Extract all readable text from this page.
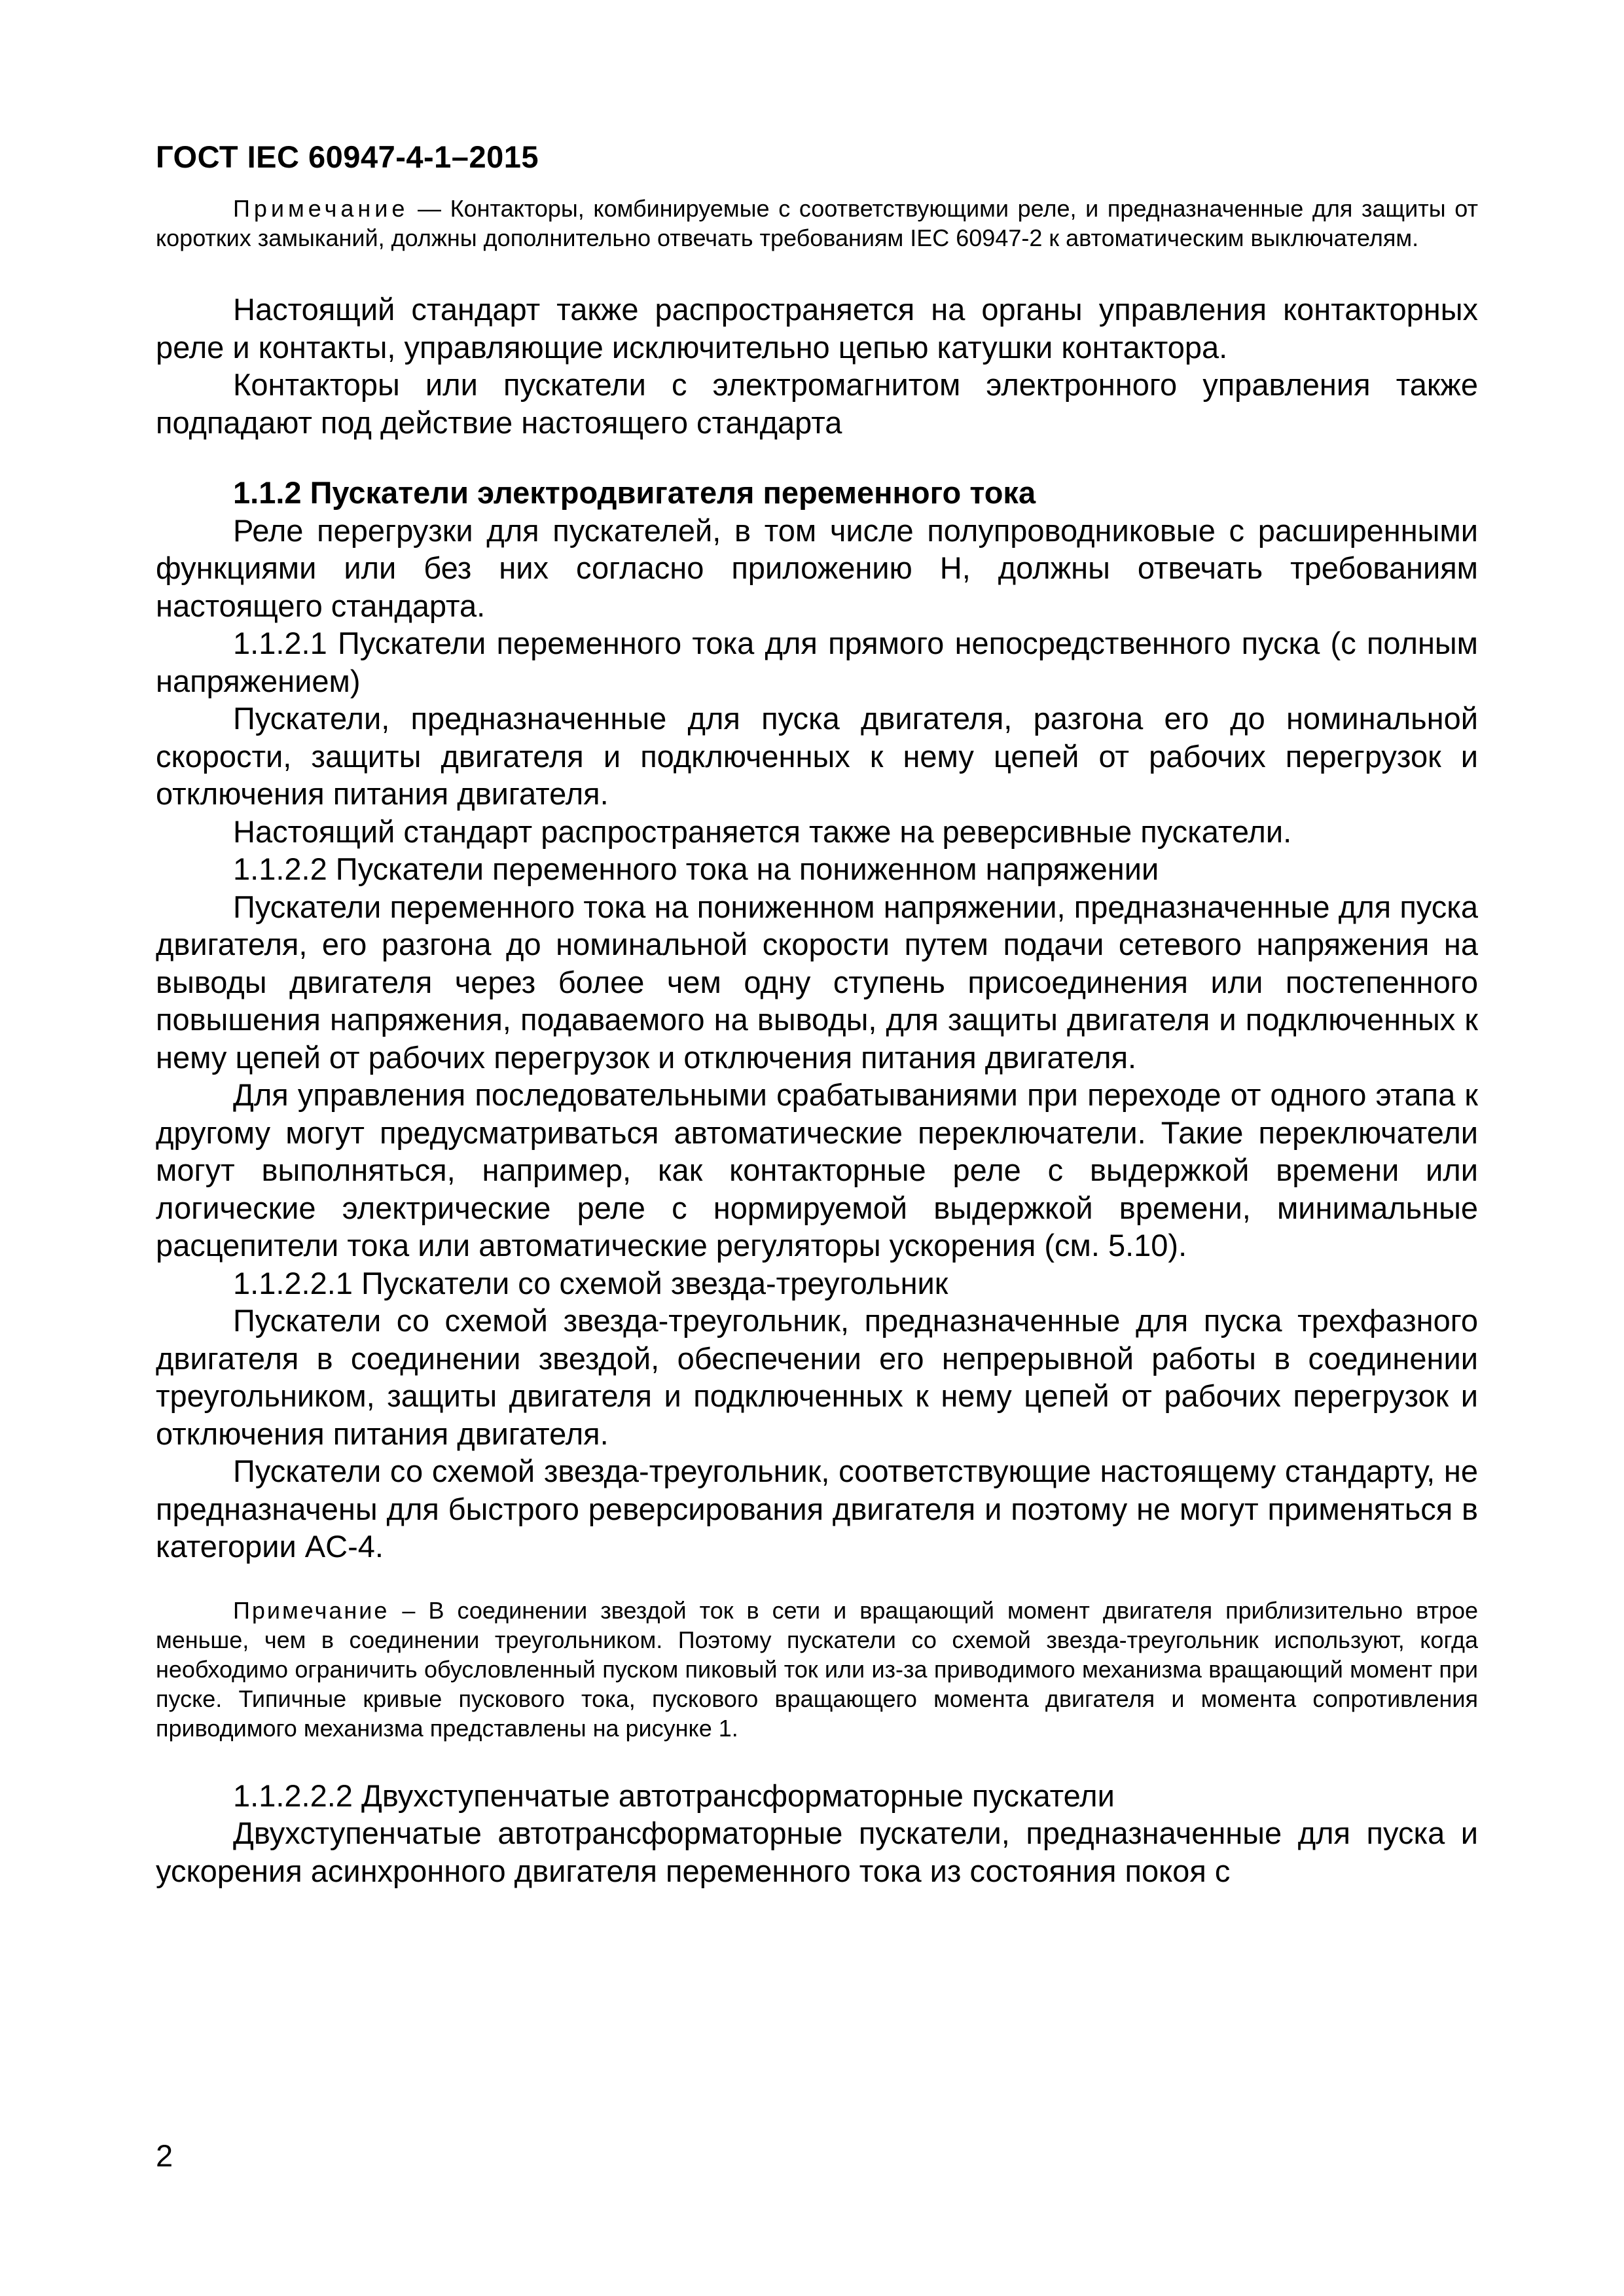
ГОСТ IEC 60947-4-1–2015

Примечание — Контакторы, комбинируемые с соответствующими реле, и предназначенные для защиты от коротких замыканий, должны дополнительно отвечать требованиям IEC 60947-2 к автоматическим выключателям.

Настоящий стандарт также распространяется на органы управления контакторных реле и контакты, управляющие исключительно цепью катушки контактора.

Контакторы или пускатели с электромагнитом электронного управления также подпадают под действие настоящего стандарта

1.1.2 Пускатели электродвигателя переменного тока

Реле перегрузки для пускателей, в том числе полупроводниковые с расширенными функциями или без них согласно приложению H, должны отвечать требованиям настоящего стандарта.

1.1.2.1 Пускатели переменного тока для прямого непосредственного пуска (с полным напряжением)

Пускатели, предназначенные для пуска двигателя, разгона его до номинальной скорости, защиты двигателя и подключенных к нему цепей от рабочих перегрузок и отключения питания двигателя.

Настоящий стандарт распространяется также на реверсивные пускатели.

1.1.2.2 Пускатели переменного тока на пониженном напряжении

Пускатели переменного тока на пониженном напряжении, предназначенные для пуска двигателя, его разгона до номинальной скорости путем подачи сетевого напряжения на выводы двигателя через более чем одну ступень присоединения или постепенного повышения напряжения, подаваемого на выводы, для защиты двигателя и подключенных к нему цепей от рабочих перегрузок и отключения питания двигателя.

Для управления последовательными срабатываниями при переходе от одного этапа к другому могут предусматриваться автоматические переключатели. Такие переключатели могут выполняться, например, как контакторные реле с выдержкой времени или логические электрические реле с нормируемой выдержкой времени, минимальные расцепители тока или автоматические регуляторы ускорения (см. 5.10).

1.1.2.2.1 Пускатели со схемой звезда-треугольник

Пускатели со схемой звезда-треугольник, предназначенные для пуска трехфазного двигателя в соединении звездой, обеспечении его непрерывной работы в соединении треугольником, защиты двигателя и подключенных к нему цепей от рабочих перегрузок и отключения питания двигателя.

Пускатели со схемой звезда-треугольник, соответствующие настоящему стандарту, не предназначены для быстрого реверсирования двигателя и поэтому не могут применяться в категории AC-4.

Примечание – В соединении звездой ток в сети и вращающий момент двигателя приблизительно втрое меньше, чем в соединении треугольником. Поэтому пускатели со схемой звезда-треугольник используют, когда необходимо ограничить обусловленный пуском пиковый ток или из-за приводимого механизма вращающий момент при пуске. Типичные кривые пускового тока, пускового вращающего момента двигателя и момента сопротивления приводимого механизма представлены на рисунке 1.

1.1.2.2.2 Двухступенчатые автотрансформаторные пускатели

Двухступенчатые автотрансформаторные пускатели, предназначенные для пуска и ускорения асинхронного двигателя переменного тока из состояния покоя с

2
